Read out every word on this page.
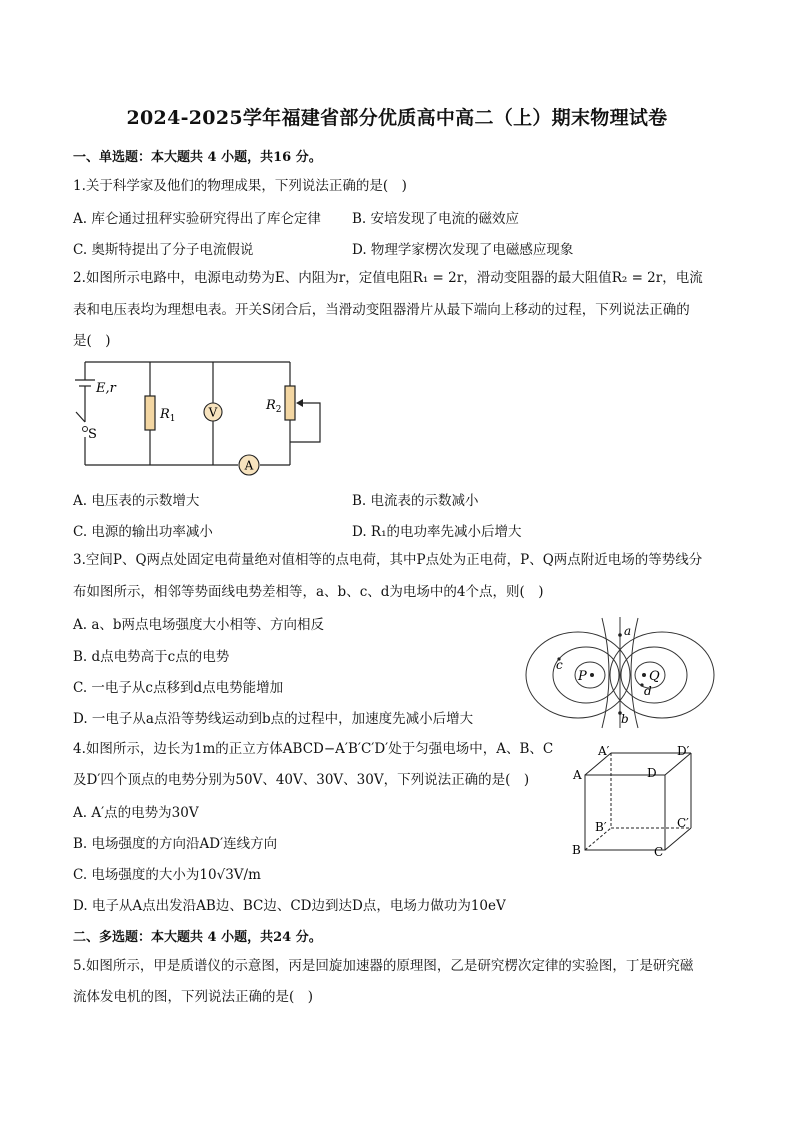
2024-2025学年福建省部分优质高中高二（上）期末物理试卷
一、单选题：本大题共 4 小题，共16 分。
1.关于科学家及他们的物理成果，下列说法正确的是(　)
A. 库仑通过扭秤实验研究得出了库仑定律 B. 安培发现了电流的磁效应
C. 奥斯特提出了分子电流假说	D. 物理学家楞次发现了电磁感应现象
2.如图所示电路中，电源电动势为E、内阻为r，定值电阻R₁ = 2r，滑动变阻器的最大阻值R₂ = 2r，电流
表和电压表均为理想电表。开关S闭合后，当滑动变阻器滑片从最下端向上移动的过程，下列说法正确的
是(　)
V
A
E,r
S
$R_1$
$R_2$
A. 电压表的示数增大	B. 电流表的示数减小
C. 电源的输出功率减小	D. R₁的电功率先减小后增大
3.空间P、Q两点处固定电荷量绝对值相等的点电荷，其中P点处为正电荷，P、Q两点附近电场的等势线分
布如图所示，相邻等势面线电势差相等，a、b、c、d为电场中的4个点，则(　)
A. a、b两点电场强度大小相等、方向相反
B. d点电势高于c点的电势
C. 一电子从c点移到d点电势能增加
D. 一电子从a点沿等势线运动到b点的过程中，加速度先减小后增大
P	Q
a
b
c
d
4.如图所示，边长为1m的正立方体ABCD−A′B′C′D′处于匀强电场中，A、B、C
及D′四个顶点的电势分别为50V、40V、30V、30V，下列说法正确的是(　)
A. A′点的电势为30V
B. 电场强度的方向沿AD′连线方向
C. 电场强度的大小为10√3V/m
D. 电子从A点出发沿AB边、BC边、CD边到达D点，电场力做功为10eV
A′	D′
A	D
B′	C′
B	C
二、多选题：本大题共 4 小题，共24 分。
5.如图所示，甲是质谱仪的示意图，丙是回旋加速器的原理图，乙是研究楞次定律的实验图，丁是研究磁
流体发电机的图，下列说法正确的是(　)
